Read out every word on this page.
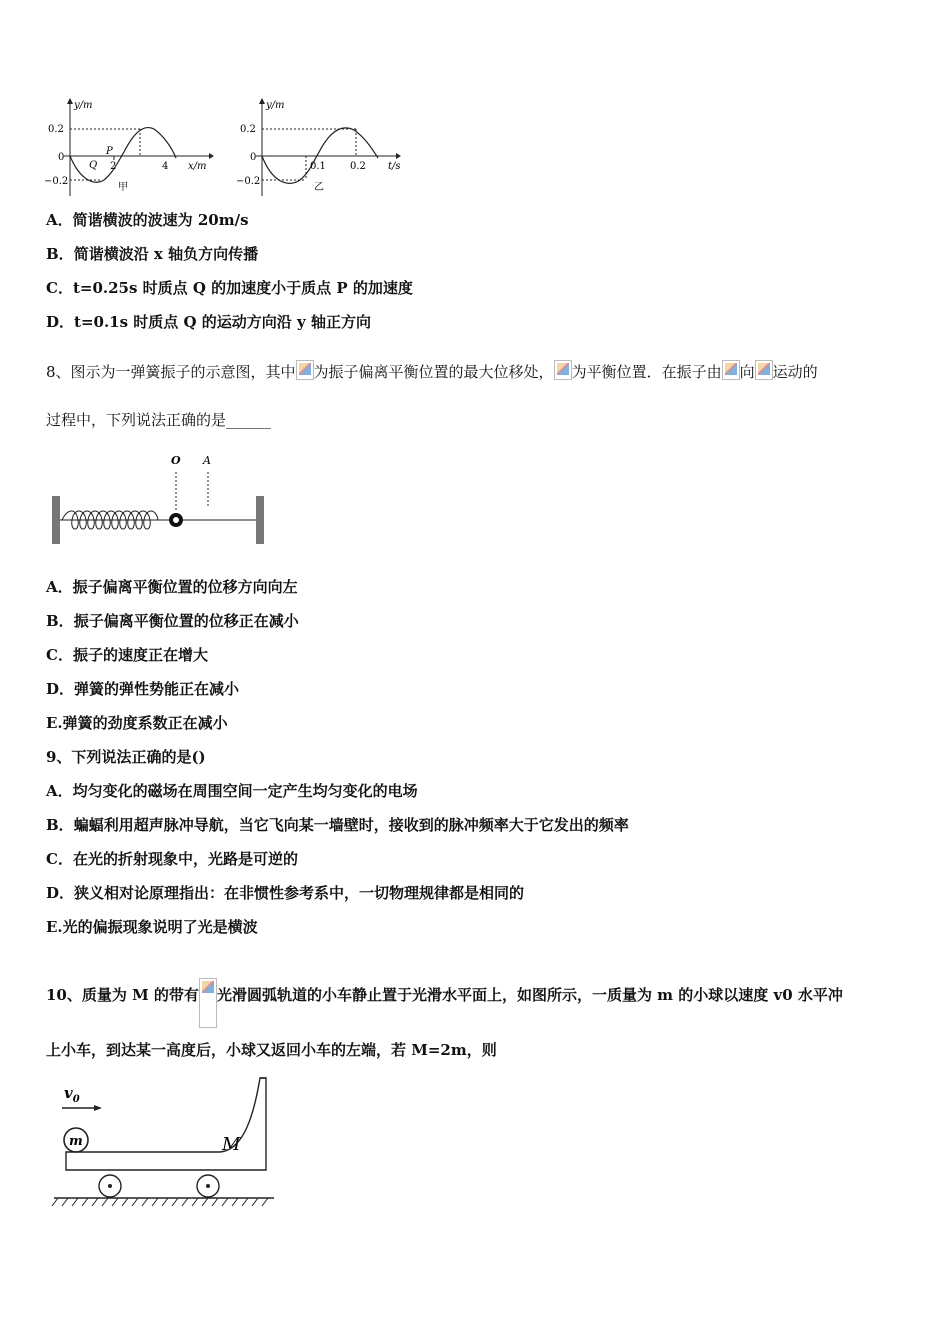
y/m
0.2
0
−0.2
Q
P
2	4 x/m
甲
y/m
0.2
0
−0.2
0.1 0.2 t/s
乙
A．简谐横波的波速为 20m/s
B．简谐横波沿 x 轴负方向传播
C．t=0.25s 时质点 Q 的加速度小于质点 P 的加速度
D．t=0.1s 时质点 Q 的运动方向沿 y 轴正方向
8、图示为一弹簧振子的示意图，其中 为振子偏离平衡位置的最大位移处， 为平衡位置．在振子由 向 运动的
过程中，下列说法正确的是______
O A
A．振子偏离平衡位置的位移方向向左
B．振子偏离平衡位置的位移正在减小
C．振子的速度正在增大
D．弹簧的弹性势能正在减小
E.弹簧的劲度系数正在减小
9、下列说法正确的是()
A．均匀变化的磁场在周围空间一定产生均匀变化的电场
B．蝙蝠利用超声脉冲导航，当它飞向某一墙壁时，接收到的脉冲频率大于它发出的频率
C．在光的折射现象中，光路是可逆的
D．狭义相对论原理指出：在非惯性参考系中，一切物理规律都是相同的
E.光的偏振现象说明了光是横波
10、质量为 M 的带有 光滑圆弧轨道的小车静止置于光滑水平面上，如图所示，一质量为 m 的小球以速度 v0 水平冲
上小车，到达某一高度后，小球又返回小车的左端，若 M=2m，则
m	M
$v_0$
